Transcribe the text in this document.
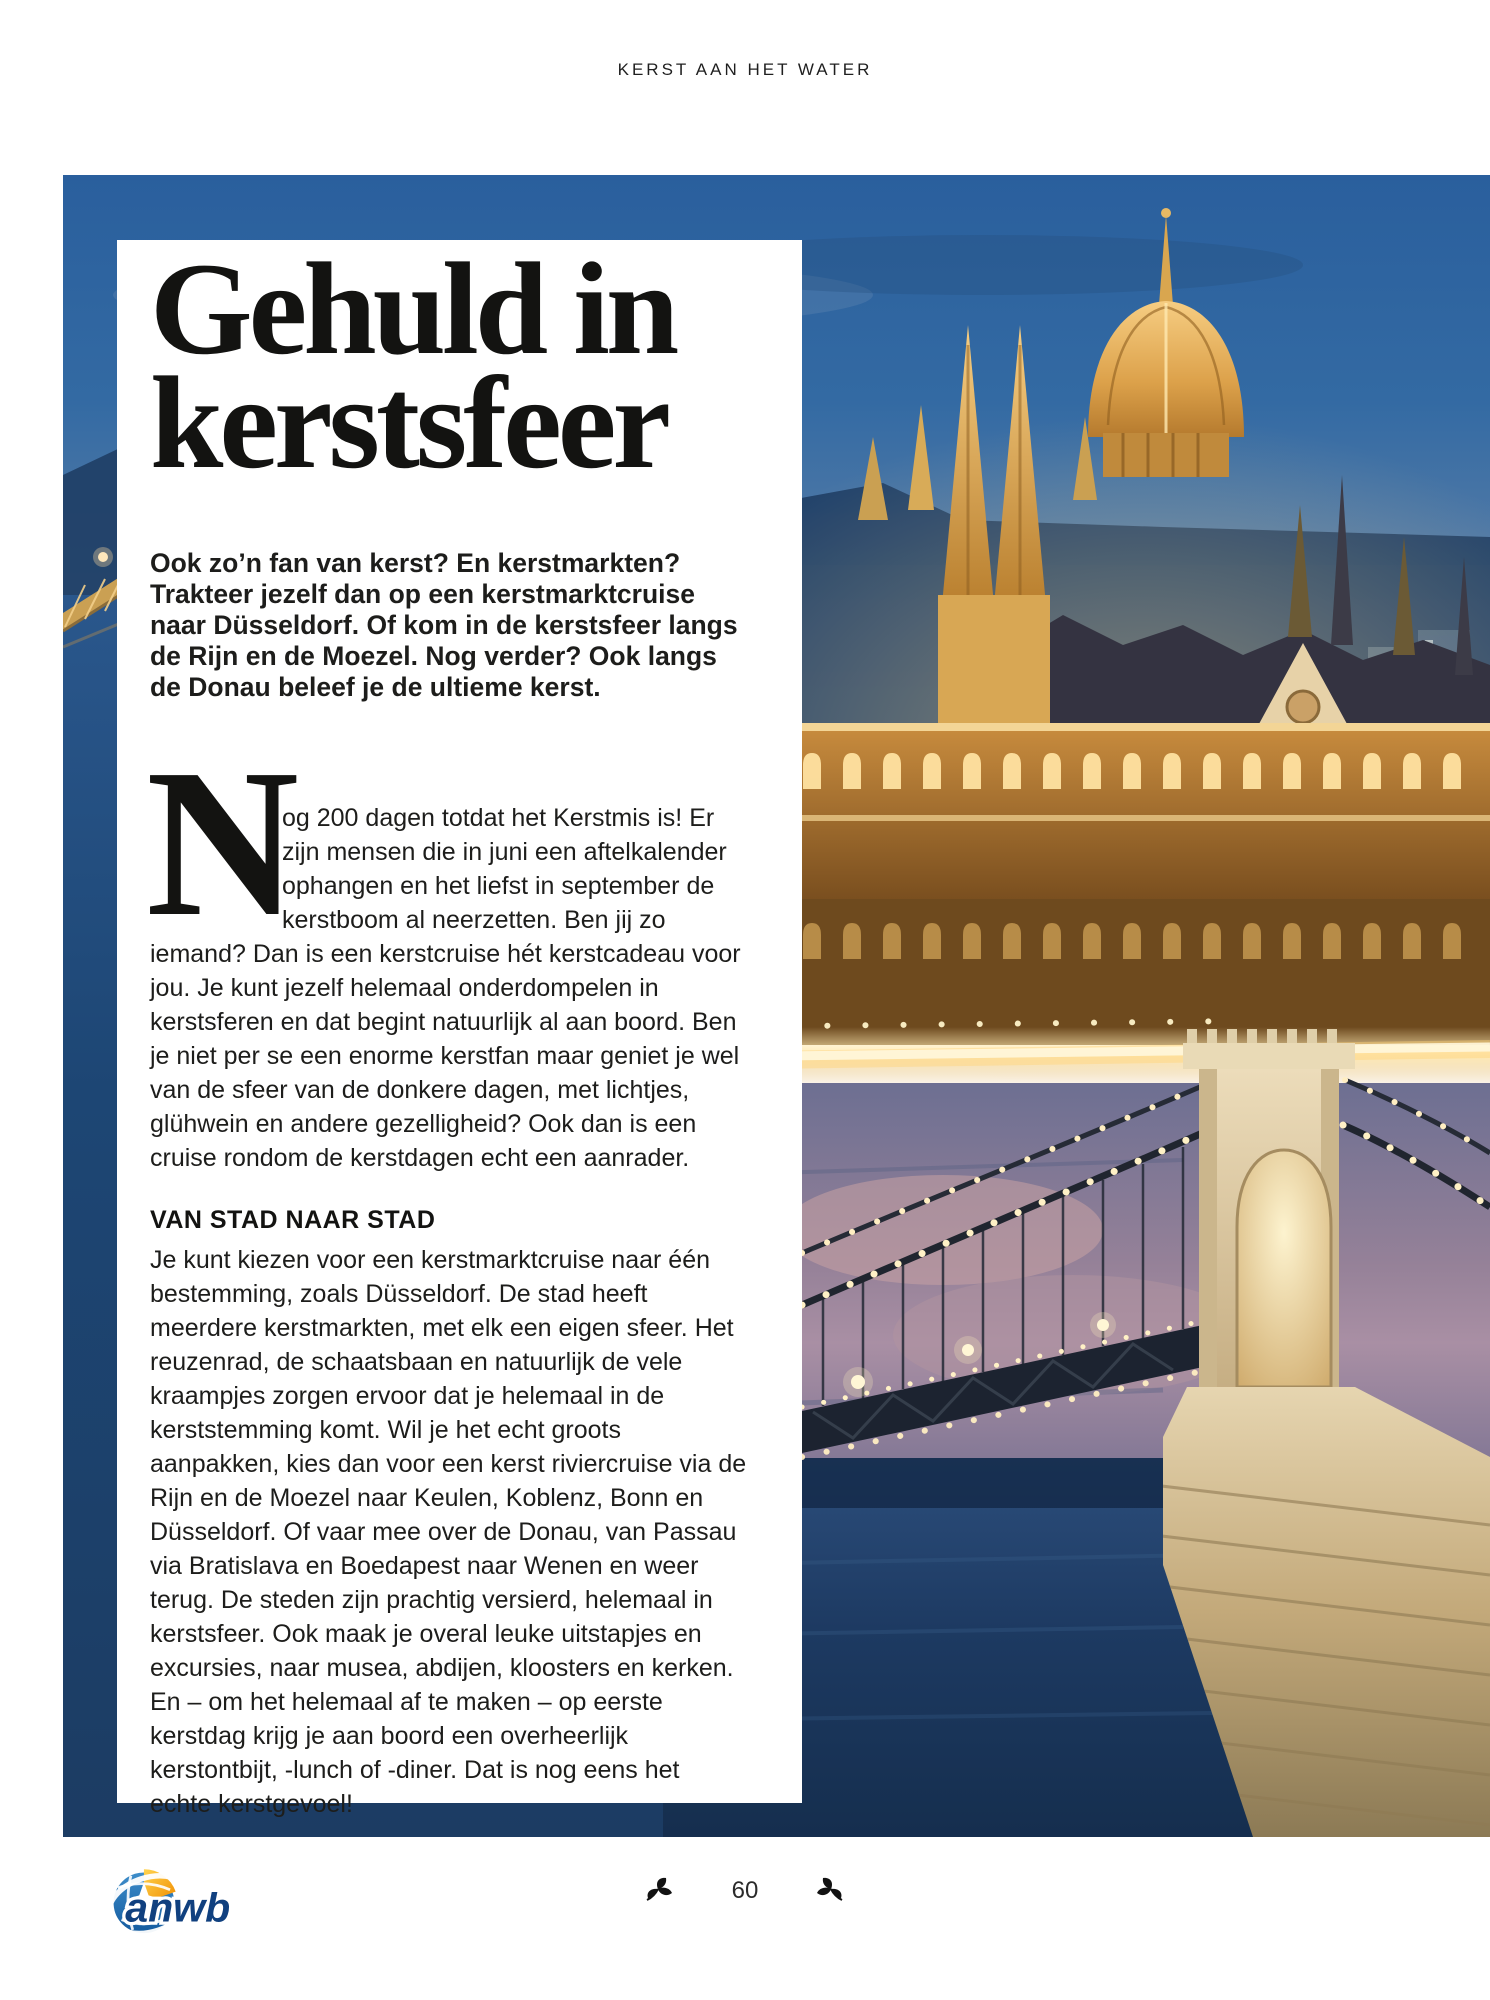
KERST AAN HET WATER
Gehuld in
kerstsfeer
Ook zo’n fan van kerst? En kerstmarkten? Trakteer jezelf dan op een kerstmarktcruise naar Düsseldorf. Of kom in de kerstsfeer langs de Rijn en de Moezel. Nog verder? Ook langs de Donau beleef je de ultieme kerst.
N
og 200 dagen totdat het Kerstmis is! Er zijn mensen die in juni een aftelkalender ophangen en het liefst in september de kerstboom al neerzetten. Ben jij zo iemand? Dan is een kerstcruise hét kerstcadeau voor jou. Je kunt jezelf helemaal onderdompelen in kerstsferen en dat begint natuurlijk al aan boord. Ben je niet per se een enorme kerstfan maar geniet je wel van de sfeer van de donkere dagen, met lichtjes, glühwein en andere gezelligheid? Ook dan is een cruise rondom de kerstdagen echt een aanrader.
VAN STAD NAAR STAD
Je kunt kiezen voor een kerstmarktcruise naar één bestemming, zoals Düsseldorf. De stad heeft meerdere kerstmarkten, met elk een eigen sfeer. Het reuzenrad, de schaatsbaan en natuurlijk de vele kraampjes zorgen ervoor dat je helemaal in de kerststemming komt. Wil je het echt groots aanpakken, kies dan voor een kerst riviercruise via de Rijn en de Moezel naar Keulen, Koblenz, Bonn en Düsseldorf. Of vaar mee over de Donau, van Passau via Bratislava en Boedapest naar Wenen en weer terug. De steden zijn prachtig versierd, helemaal in kerstsfeer. Ook maak je overal leuke uitstapjes en excursies, naar musea, abdijen, kloosters en kerken. En – om het helemaal af te maken – op eerste kerstdag krijg je aan boord een overheerlijk kerstontbijt, -lunch of -diner. Dat is nog eens het echte kerstgevoel!
anwb	60
